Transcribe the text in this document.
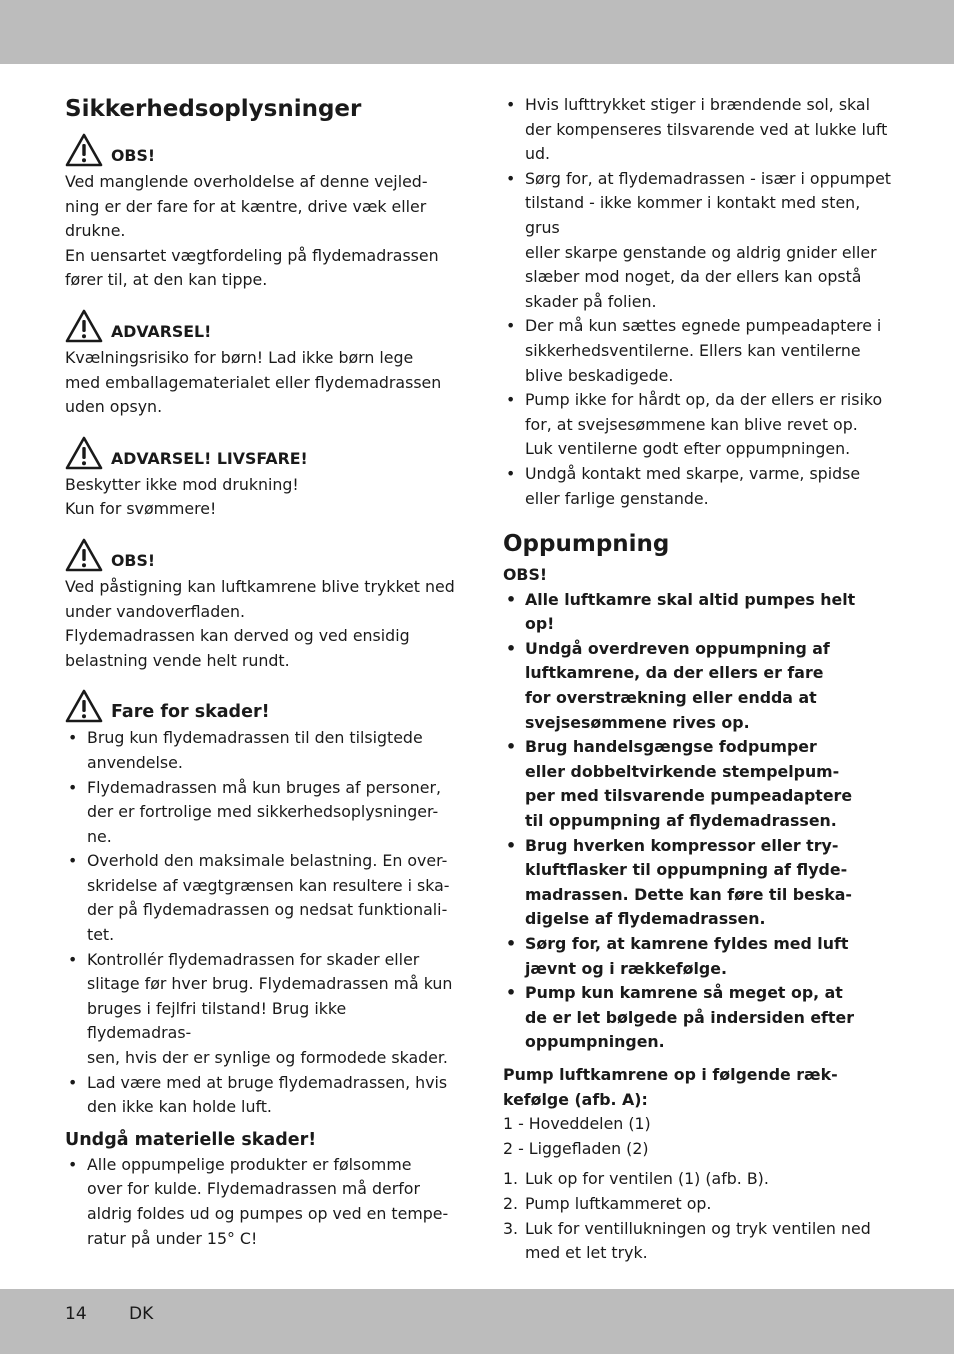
Sikkerhedsoplysninger
OBS!

Ved manglende overholdelse af denne vejled-
ning er der fare for at kæntre, drive væk eller
drukne.
En uensartet vægtfordeling på flydemadrassen
fører til, at den kan tippe.

ADVARSEL!

Kvælningsrisiko for børn! Lad ikke børn lege
med emballagematerialet eller flydemadrassen
uden opsyn.

ADVARSEL! LIVSFARE!

Beskytter ikke mod drukning!
Kun for svømmere!

OBS!

Ved påstigning kan luftkamrene blive trykket ned
under vandoverfladen.
Flydemadrassen kan derved og ved ensidig
belastning vende helt rundt.

Fare for skader!
• Brug kun flydemadrassen til den tilsigtede
anvendelse.
• Flydemadrassen må kun bruges af personer,
der er fortrolige med sikkerhedsoplysninger-
ne.
• Overhold den maksimale belastning. En over-
skridelse af vægtgrænsen kan resultere i ska-
der på flydemadrassen og nedsat funktionali-
tet.
• Kontrollér flydemadrassen for skader eller
slitage før hver brug. Flydemadrassen må kun
bruges i fejlfri tilstand! Brug ikke flydemadras-
sen, hvis der er synlige og formodede skader.
• Lad være med at bruge flydemadrassen, hvis
den ikke kan holde luft.
Undgå materielle skader!
• Alle oppumpelige produkter er følsomme
over for kulde. Flydemadrassen må derfor
aldrig foldes ud og pumpes op ved en tempe-
ratur på under 15° C!
• Hvis lufttrykket stiger i brændende sol, skal
der kompenseres tilsvarende ved at lukke luft
ud.
• Sørg for, at flydemadrassen - især i oppumpet
tilstand - ikke kommer i kontakt med sten, grus
eller skarpe genstande og aldrig gnider eller
slæber mod noget, da der ellers kan opstå
skader på folien.
• Der må kun sættes egnede pumpeadaptere i
sikkerhedsventilerne. Ellers kan ventilerne
blive beskadigede.
• Pump ikke for hårdt op, da der ellers er risiko
for, at svejsesømmene kan blive revet op.
Luk ventilerne godt efter oppumpningen.
• Undgå kontakt med skarpe, varme, spidse
eller farlige genstande.
Oppumpning

OBS!

• Alle luftkamre skal altid pumpes helt
op!
• Undgå overdreven oppumpning af
luftkamrene, da der ellers er fare
for overstrækning eller endda at
svejsesømmene rives op.
• Brug handelsgængse fodpumper
eller dobbeltvirkende stempelpum-
per med tilsvarende pumpeadaptere
til oppumpning af flydemadrassen.
• Brug hverken kompressor eller try-
kluftflasker til oppumpning af flyde-
madrassen. Dette kan føre til beska-
digelse af flydemadrassen.
• Sørg for, at kamrene fyldes med luft
jævnt og i rækkefølge.
• Pump kun kamrene så meget op, at
de er let bølgede på indersiden efter
oppumpningen.

Pump luftkamrene op i følgende ræk-
kefølge (afb. A):

1 - Hoveddelen (1)

2 - Liggefladen (2)

1. Luk op for ventilen (1) (afb. B).
2. Pump luftkammeret op.
3. Luk for ventillukningen og tryk ventilen ned
med et let tryk.
14 DK
